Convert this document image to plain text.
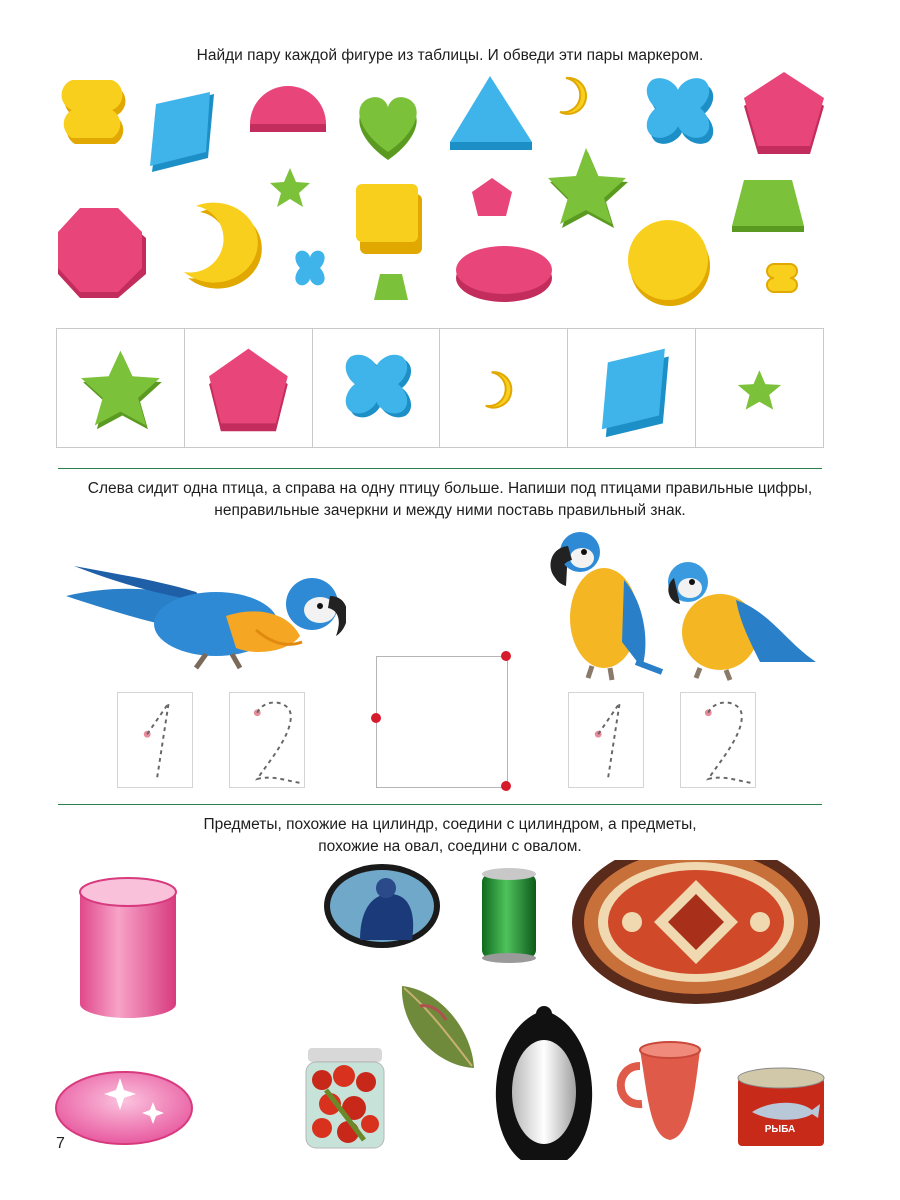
Найди пару каждой фигуре из таблицы. И обведи эти пары маркером.
Слева сидит одна птица, а справа на одну птицу больше. Напиши под птицами правильные цифры, неправильные зачеркни и между ними поставь правильный знак.
Предметы, похожие на цилиндр, соедини с цилиндром, а предметы,
похожие на овал, соедини с овалом.
РЫБА
7
